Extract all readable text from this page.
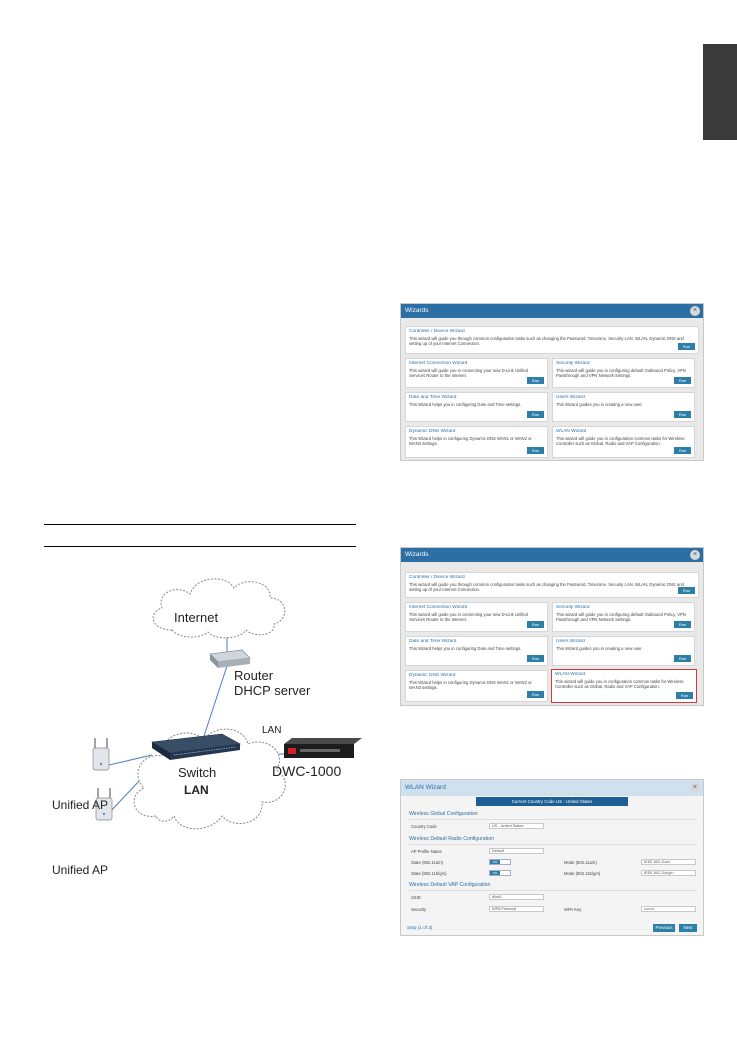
Internet
Router
DHCP server
LAN
DWC-1000
Switch
LAN
Unified AP
Unified AP
Wizards	×
Controller / Device Wizard
This wizard will guide you through common configuration tasks such as changing the Password, Timezone, Security LAN, WLAN, Dynamic DNS and setting up of your Internet Connection.
Run
Internet Connection Wizard
This wizard will guide you in connecting your new D-Link Unified Services Router to the Internet.
Run
Security Wizard
This wizard will guide you in configuring default Outbound Policy, VPN Passthrough and VPN Network Settings.
Run
Date and Time Wizard
This Wizard helps you in configuring Date and Time settings.
Run
Users Wizard
This Wizard guides you in creating a new user.
Run
Dynamic DNS Wizard
This Wizard helps in configuring Dynamic DNS WAN1 or WAN2 or WAN3 settings.
Run
WLAN Wizard
This wizard will guide you in configuration common tasks for Wireless Controller such as Global, Radio and VAP Configuration.
Run
Wizards	×
Controller / Device Wizard
This wizard will guide you through common configuration tasks such as changing the Password, Timezone, Security LAN, WLAN, Dynamic DNS and setting up of your Internet Connection.	Run
Internet Connection Wizard
This wizard will guide you in connecting your new D-Link Unified Services Router to the Internet.
Run
Security Wizard
This wizard will guide you in configuring default Outbound Policy, VPN Passthrough and VPN Network Settings.
Run
Date and Time Wizard
This Wizard helps you in configuring Date and Time settings.
Run
Users Wizard
This Wizard guides you in creating a new user.
Run
Dynamic DNS Wizard
This Wizard helps in configuring Dynamic DNS WAN1 or WAN2 or WAN3 settings.
Run
WLAN Wizard
This wizard will guide you in configuration common tasks for Wireless Controller such as Global, Radio and VAP Configuration.
Run
WLAN Wizard	×
Current Country Code US - United States
Wireless Global Configuration
Country Code	US - United States
Wireless Default Radio Configuration
AP Profile Name	Default
State (802.11a/n)	ON	Mode (802.11a/n)	IEEE 802.11a/n
State (802.11b/g/n)	ON	Mode (802.11b/g/n)	IEEE 802.11b/g/n
Wireless Default VAP Configuration
SSID	dlink1
Security	WPA Personal	WPA Key	••••••••
Step (1 of 3)	Previous	Next
